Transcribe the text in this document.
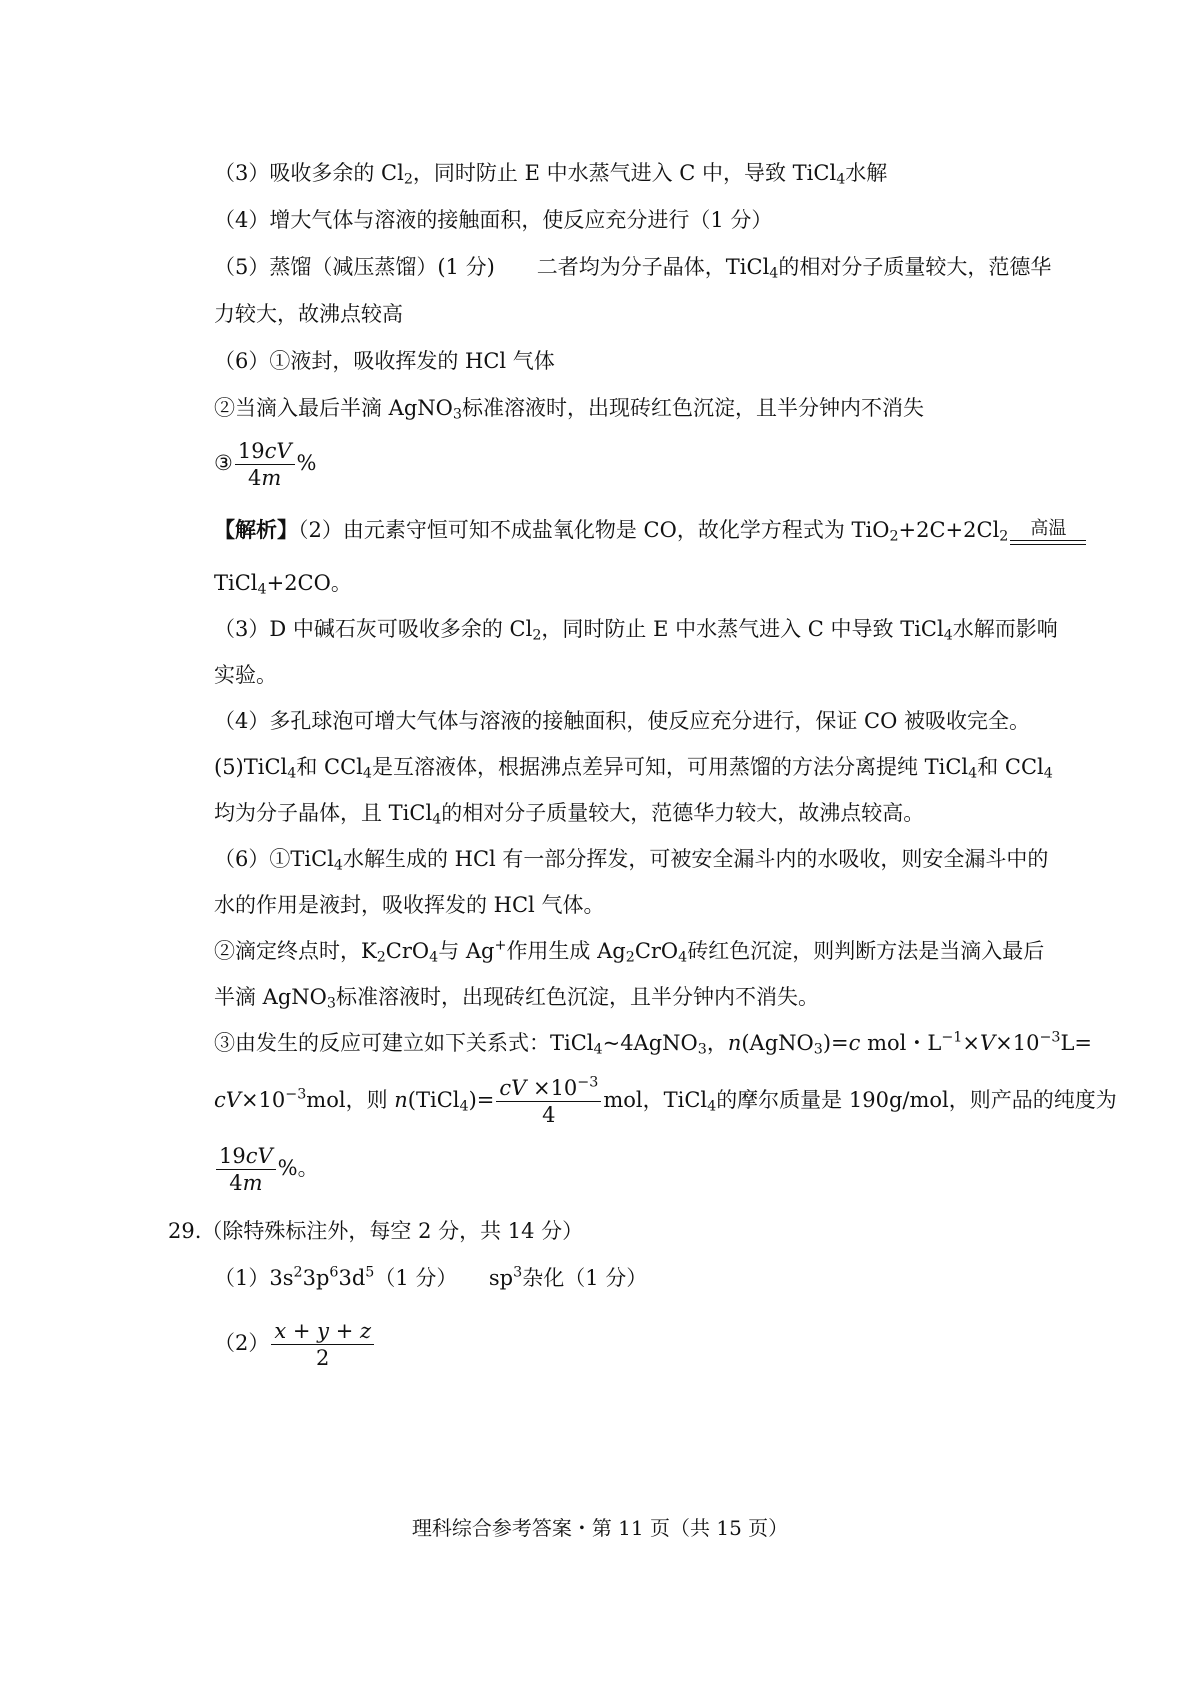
（3）吸收多余的 $Cl_2$，同时防止 E 中水蒸气进入 C 中，导致 TiCl$_4$水解
（4）增大气体与溶液的接触面积，使反应充分进行（1 分）
（5）蒸馏（减压蒸馏）(1 分)　　二者均为分子晶体，TiCl$_4$的相对分子质量较大，范德华
力较大，故沸点较高
（6）①液封，吸收挥发的 HCl 气体
②当滴入最后半滴 AgNO$_3$标准溶液时，出现砖红色沉淀，且半分钟内不消失
③ $\frac{19cV}{4m}$ %
【解析】（2）由元素守恒可知不成盐氧化物是 CO，故化学方程式为 $TiO_2+2C+2Cl_2$	高温
TiCl$_4$+2CO。
（3）D 中碱石灰可吸收多余的 $Cl_2$，同时防止 E 中水蒸气进入 C 中导致 TiCl$_4$水解而影响
实验。
（4）多孔球泡可增大气体与溶液的接触面积，使反应充分进行，保证 CO 被吸收完全。
(5)TiCl$_4$和 CCl$_4$是互溶液体，根据沸点差异可知，可用蒸馏的方法分离提纯 TiCl$_4$和 CCl$_4$
均为分子晶体，且 TiCl$_4$的相对分子质量较大，范德华力较大，故沸点较高。
（6）①TiCl$_4$水解生成的 HCl 有一部分挥发，可被安全漏斗内的水吸收，则安全漏斗中的
水的作用是液封，吸收挥发的 HCl 气体。
②滴定终点时，$K_2CrO_4$与 Ag+作用生成 $Ag_2CrO_4$砖红色沉淀，则判断方法是当滴入最后
半滴 AgNO$_3$标准溶液时，出现砖红色沉淀，且半分钟内不消失。
③由发生的反应可建立如下关系式：TiCl$_4$~4AgNO$_3$，n(AgNO$_3$)=c mol・$L^{-1}\times V\times 10^{-3}L=$
$cV\times 10^{-3}mol$，则 n(TiCl$_4$)= $\frac{cV \times 10^{-3}}{4}$ mol，TiCl$_4$的摩尔质量是 190g/mol，则产品的纯度为
$\frac{19cV}{4m}$ %。
29.（除特殊标注外，每空 2 分，共 14 分）
$(1)3s^23p^63d^5(1$ 分）　　$sp^3$杂化（1 分）
$(2) \frac{x + y + z}{2}$
理科综合参考答案・第 11 页（共 15 页）
